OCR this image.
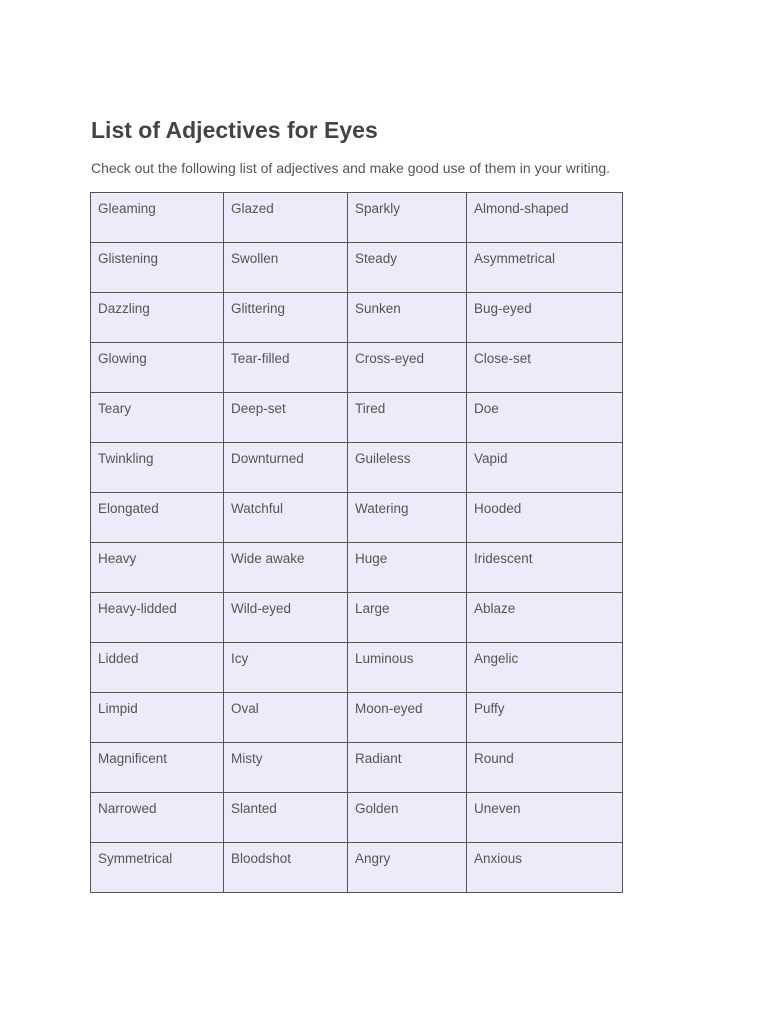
List of Adjectives for Eyes

Check out the following list of adjectives and make good use of them in your writing.

Gleaming	Glazed	Sparkly	Almond-shaped

Glistening	Swollen	Steady	Asymmetrical

Dazzling	Glittering	Sunken	Bug-eyed

Glowing	Tear-filled	Cross-eyed	Close-set

Teary	Deep-set	Tired	Doe

Twinkling	Downturned	Guileless	Vapid

Elongated	Watchful	Watering	Hooded

Heavy	Wide awake	Huge	Iridescent

Heavy-lidded	Wild-eyed	Large	Ablaze

Lidded	Icy	Luminous	Angelic

Limpid	Oval	Moon-eyed	Puffy

Magnificent	Misty	Radiant	Round

Narrowed	Slanted	Golden	Uneven

Symmetrical	Bloodshot	Angry	Anxious
